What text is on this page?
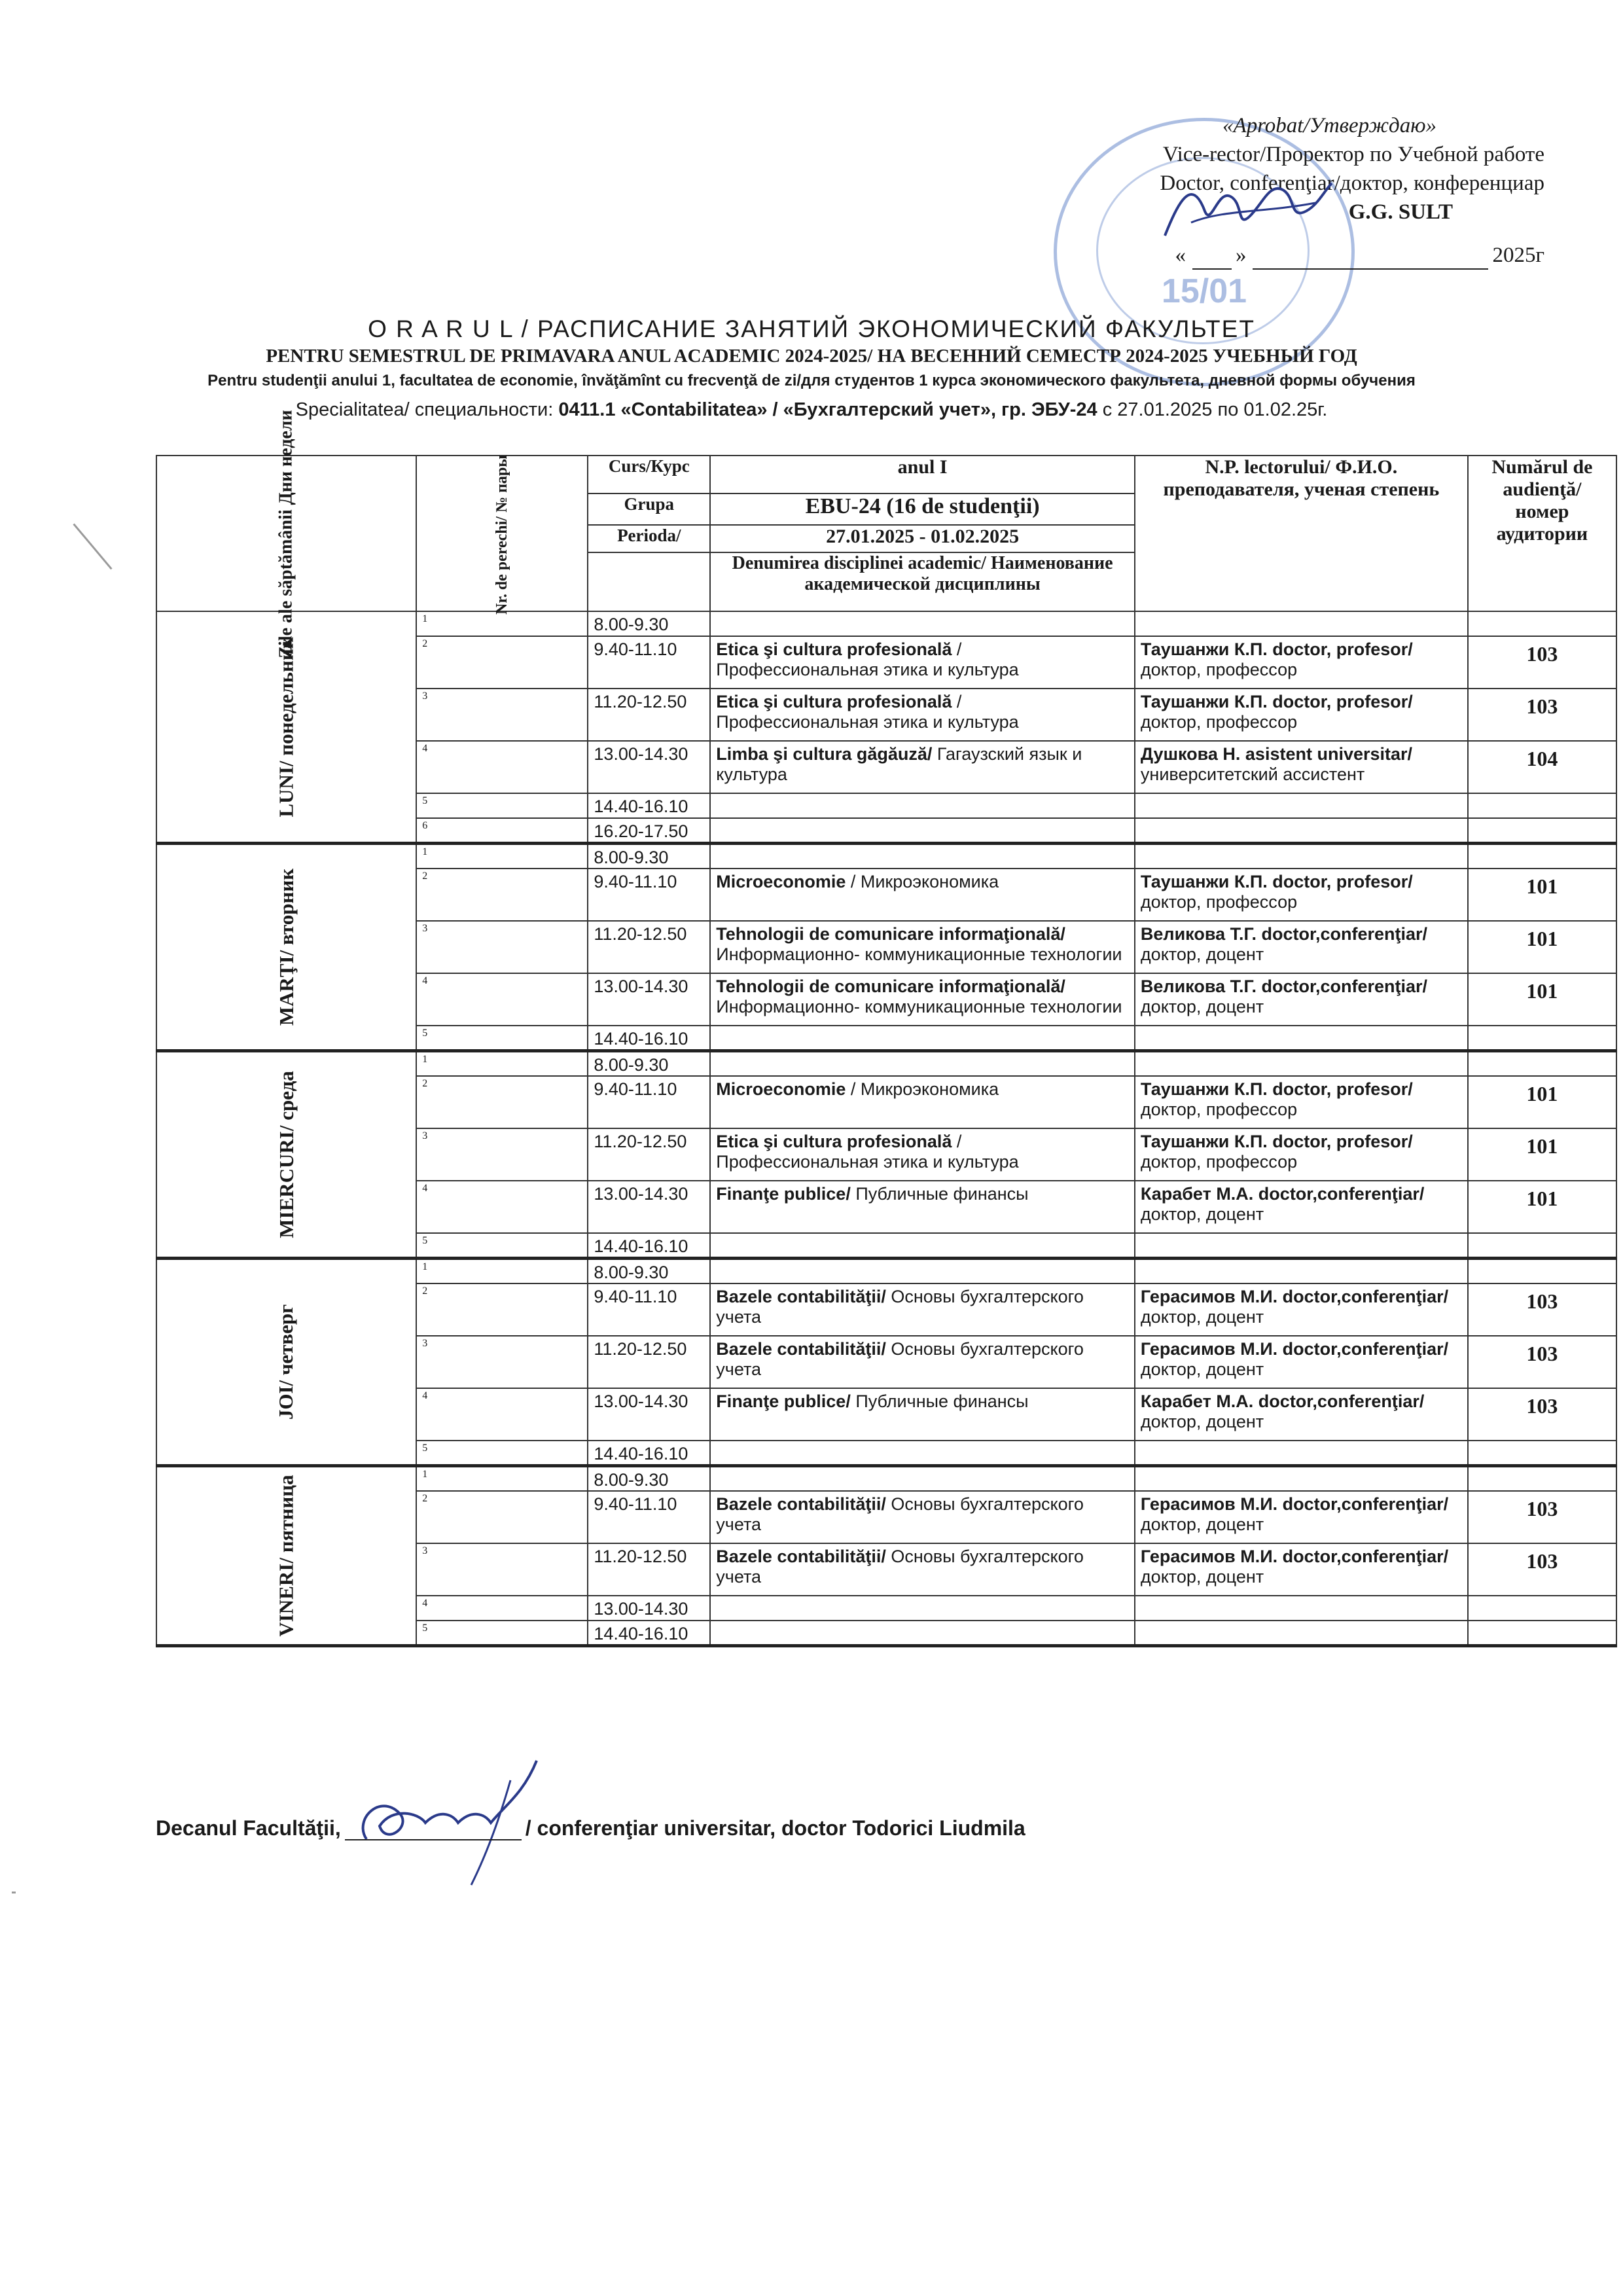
15/01
«Aprobat/Утверждаю»
Vice-rector/Проректор по Учебной работе
Doctor, conferenţiar/доктор, конференциар
G.G. SULT
« »	2025г
O R A R U L / РАСПИСАНИЕ ЗАНЯТИЙ ЭКОНОМИЧЕСКИЙ ФАКУЛЬТЕТ
PENTRU SEMESTRUL DE PRIMAVARA ANUL ACADEMIC 2024-2025/ НА ВЕСЕННИЙ СЕМЕСТР 2024-2025 УЧЕБНЫЙ ГОД
Pentru studenţii anului 1, facultatea de economie, învăţămînt cu frecvenţă de zi/для студентов 1 курса экономического факультета, дневной формы обучения
Specialitatea/ специальности: 0411.1 «Contabilitatea» / «Бухгалтерский учет», гр. ЭБУ-24 с 27.01.2025 по 01.02.25г.
Zile ale săptămânii Дни недели	Nr. de perechi/ № пары	Curs/Курс	anul I	N.P. lectorului/ Ф.И.О. преподавателя, ученая степень	Numărul de audienţă/ номер аудитории
		Grupa	EBU-24 (16 de studenţii)		
		Perioda/	27.01.2025 - 01.02.2025		
			Denumirea disciplinei academic/ Наименование академической дисциплины		
LUNI/ понедельник	1	8.00-9.30			
	2	9.40-11.10	Etica şi cultura profesională / Профессиональная этика и культура	Таушанжи К.П. doctor, profesor/ доктор, профессор	103
	3	11.20-12.50	Etica şi cultura profesională / Профессиональная этика и культура	Таушанжи К.П. doctor, profesor/ доктор, профессор	103
	4	13.00-14.30	Limba şi cultura găgăuză/ Гагаузский язык и культура	Душкова Н. asistent universitar/ университетский ассистент	104
	5	14.40-16.10			
	6	16.20-17.50			
MARŢI/ вторник	1	8.00-9.30			
	2	9.40-11.10	Microeconomie / Микроэкономика	Таушанжи К.П. doctor, profesor/ доктор, профессор	101
	3	11.20-12.50	Tehnologii de comunicare informaţională/ Информационно- коммуникационные технологии	Великова Т.Г. doctor,conferenţiar/ доктор, доцент	101
	4	13.00-14.30	Tehnologii de comunicare informaţională/ Информационно- коммуникационные технологии	Великова Т.Г. doctor,conferenţiar/ доктор, доцент	101
	5	14.40-16.10			
MIERCURI/ среда	1	8.00-9.30			
	2	9.40-11.10	Microeconomie / Микроэкономика	Таушанжи К.П. doctor, profesor/ доктор, профессор	101
	3	11.20-12.50	Etica şi cultura profesională / Профессиональная этика и культура	Таушанжи К.П. doctor, profesor/ доктор, профессор	101
	4	13.00-14.30	Finanţe publice/ Публичные финансы	Карабет М.А. doctor,conferenţiar/ доктор, доцент	101
	5	14.40-16.10			
JOI/ четверг	1	8.00-9.30			
	2	9.40-11.10	Bazele contabilităţii/ Основы бухгалтерского учета	Герасимов М.И. doctor,conferenţiar/ доктор, доцент	103
	3	11.20-12.50	Bazele contabilităţii/ Основы бухгалтерского учета	Герасимов М.И. doctor,conferenţiar/ доктор, доцент	103
	4	13.00-14.30	Finanţe publice/ Публичные финансы	Карабет М.А. doctor,conferenţiar/ доктор, доцент	103
	5	14.40-16.10			
VINERI/ пятница	1	8.00-9.30			
	2	9.40-11.10	Bazele contabilităţii/ Основы бухгалтерского учета	Герасимов М.И. doctor,conferenţiar/ доктор, доцент	103
	3	11.20-12.50	Bazele contabilităţii/ Основы бухгалтерского учета	Герасимов М.И. doctor,conferenţiar/ доктор, доцент	103
	4	13.00-14.30			
	5	14.40-16.10			
Decanul Facultăţii,	/ conferenţiar universitar, doctor Todorici Liudmila
